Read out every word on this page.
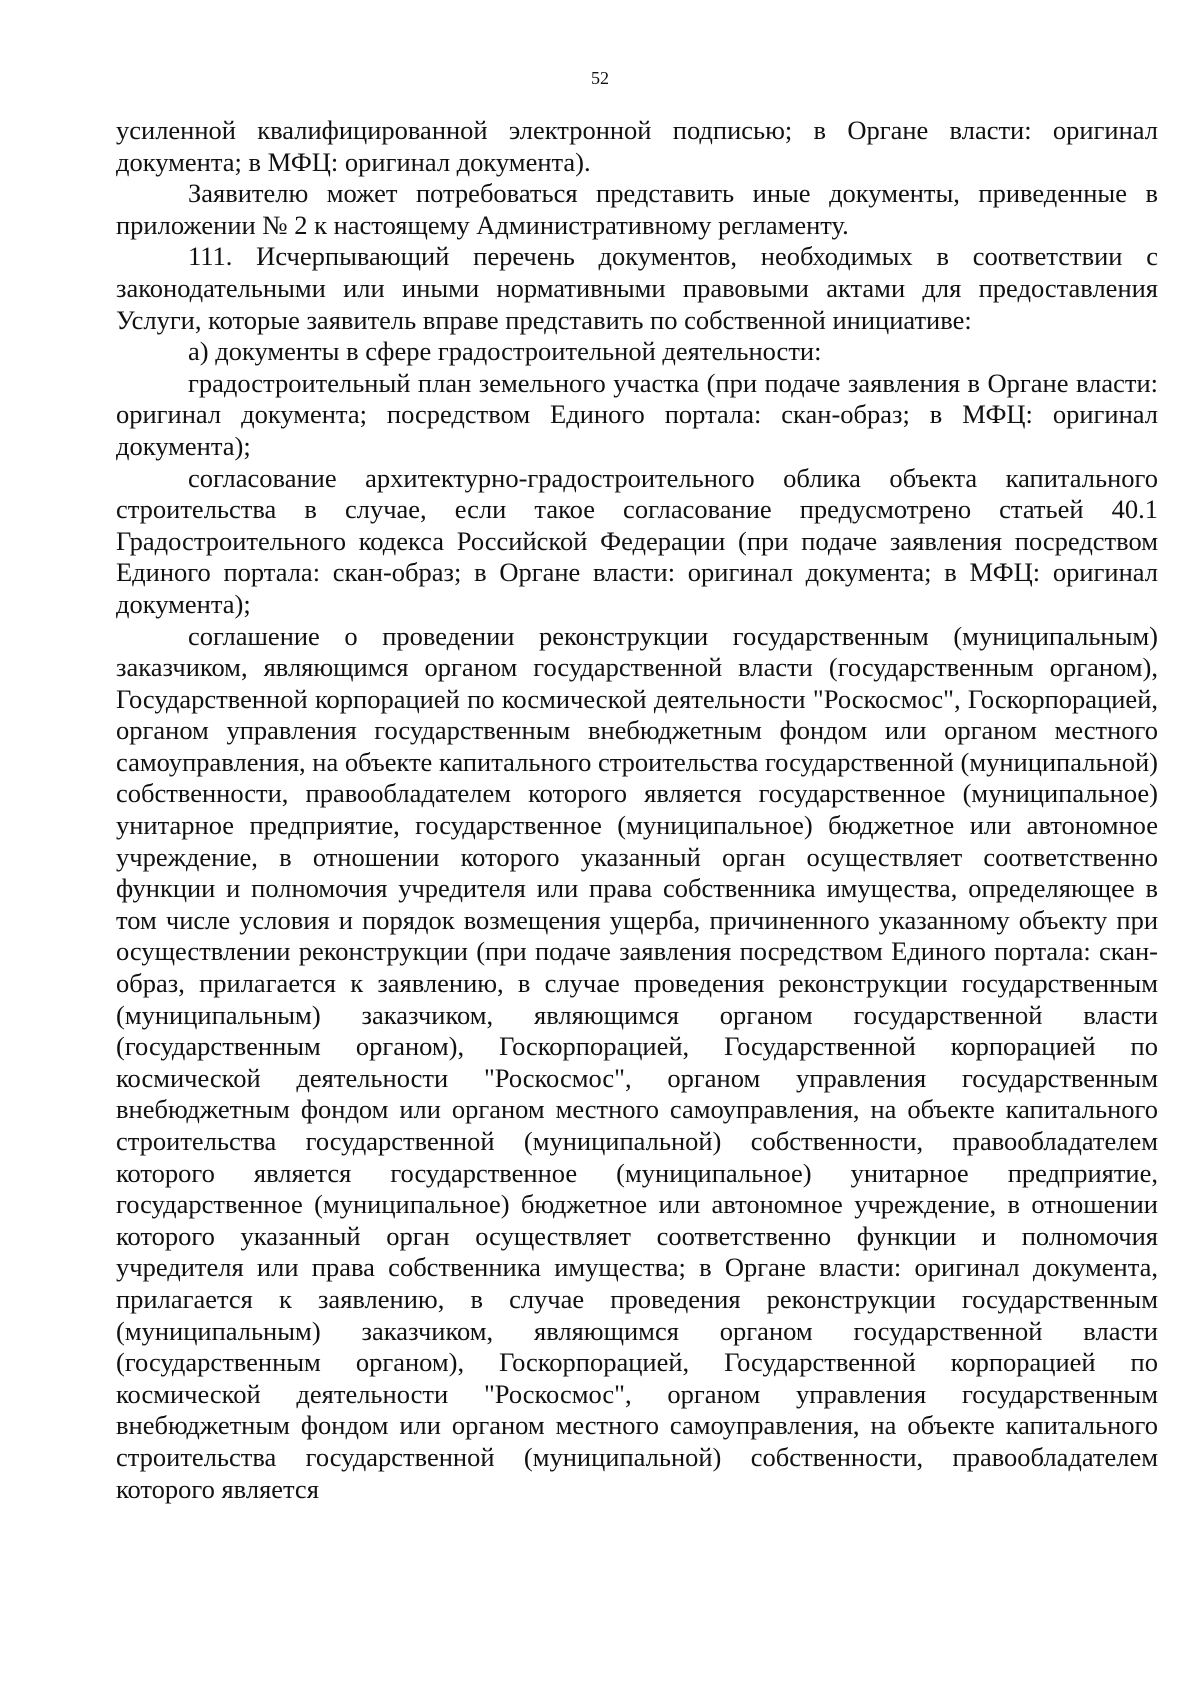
52

усиленной квалифицированной электронной подписью; в Органе власти: оригинал документа; в МФЦ: оригинал документа).

Заявителю может потребоваться представить иные документы, приведенные в приложении № 2 к настоящему Административному регламенту.

111. Исчерпывающий перечень документов, необходимых в соответствии с законодательными или иными нормативными правовыми актами для предоставления Услуги, которые заявитель вправе представить по собственной инициативе:

а) документы в сфере градостроительной деятельности:

градостроительный план земельного участка (при подаче заявления в Органе власти: оригинал документа; посредством Единого портала: скан-образ; в МФЦ: оригинал документа);

согласование архитектурно-градостроительного облика объекта капитального строительства в случае, если такое согласование предусмотрено статьей 40.1 Градостроительного кодекса Российской Федерации (при подаче заявления посредством Единого портала: скан-образ; в Органе власти: оригинал документа; в МФЦ: оригинал документа);

соглашение о проведении реконструкции государственным (муниципальным) заказчиком, являющимся органом государственной власти (государственным органом), Государственной корпорацией по космической деятельности "Роскосмос", Госкорпорацией, органом управления государственным внебюджетным фондом или органом местного самоуправления, на объекте капитального строительства государственной (муниципальной) собственности, правообладателем которого является государственное (муниципальное) унитарное предприятие, государственное (муниципальное) бюджетное или автономное учреждение, в отношении которого указанный орган осуществляет соответственно функции и полномочия учредителя или права собственника имущества, определяющее в том числе условия и порядок возмещения ущерба, причиненного указанному объекту при осуществлении реконструкции (при подаче заявления посредством Единого портала: скан-образ, прилагается к заявлению, в случае проведения реконструкции государственным (муниципальным) заказчиком, являющимся органом государственной власти (государственным органом), Госкорпорацией, Государственной корпорацией по космической деятельности "Роскосмос", органом управления государственным внебюджетным фондом или органом местного самоуправления, на объекте капитального строительства государственной (муниципальной) собственности, правообладателем которого является государственное (муниципальное) унитарное предприятие, государственное (муниципальное) бюджетное или автономное учреждение, в отношении которого указанный орган осуществляет соответственно функции и полномочия учредителя или права собственника имущества; в Органе власти: оригинал документа, прилагается к заявлению, в случае проведения реконструкции государственным (муниципальным) заказчиком, являющимся органом государственной власти (государственным органом), Госкорпорацией, Государственной корпорацией по космической деятельности "Роскосмос", органом управления государственным внебюджетным фондом или органом местного самоуправления, на объекте капитального строительства государственной (муниципальной) собственности, правообладателем которого является
